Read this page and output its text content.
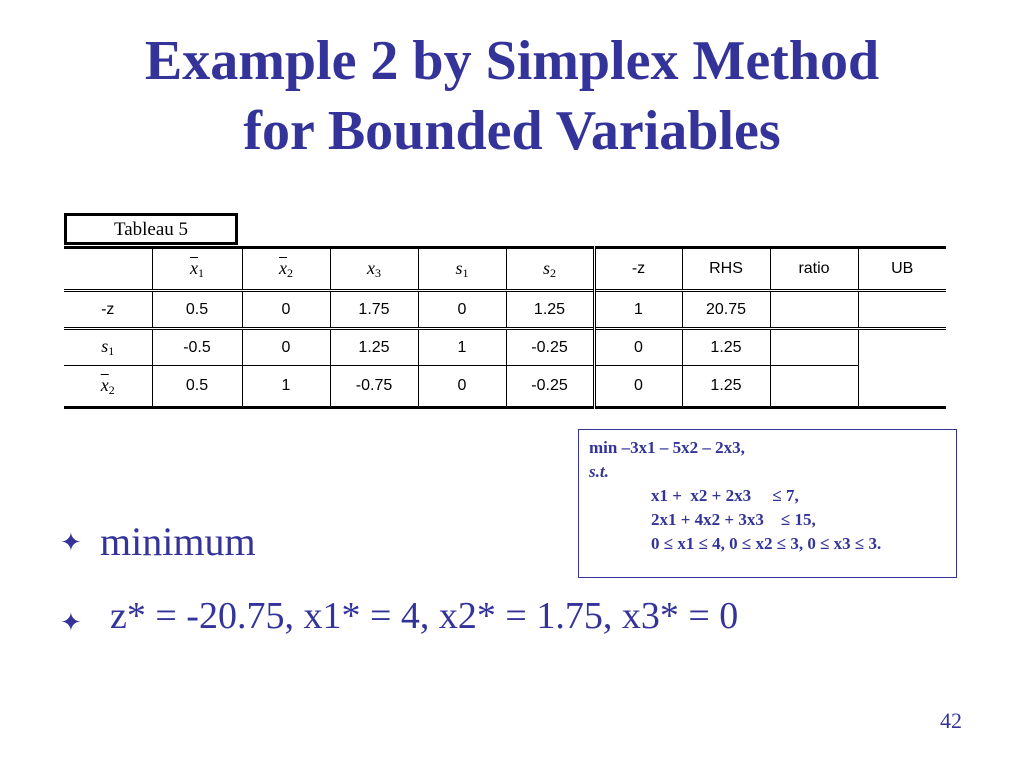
Example 2 by Simplex Method
for Bounded Variables
Tableau 5
	$\overline{x}_1$	$\overline{x}_2$	$x_3$	$s_1$	$s_2$	-z	RHS	ratio	UB
-z	0.5	0	1.75	0	1.25	1	20.75		
$s_1$	-0.5	0	1.25	1	-0.25	0	1.25		
$\overline{x}_2$	0.5	1	-0.75	0	-0.25	0	1.25		
min –3x1 – 5x2 – 2x3,
s.t.
x1 +  x2 + 2x3     ≤ 7,
2x1 + 4x2 + 3x3    ≤ 15,
0 ≤ x1 ≤ 4, 0 ≤ x2 ≤ 3, 0 ≤ x3 ≤ 3.
✦ minimum
✦ z* = -20.75, x1* = 4, x2* = 1.75, x3* = 0
42
